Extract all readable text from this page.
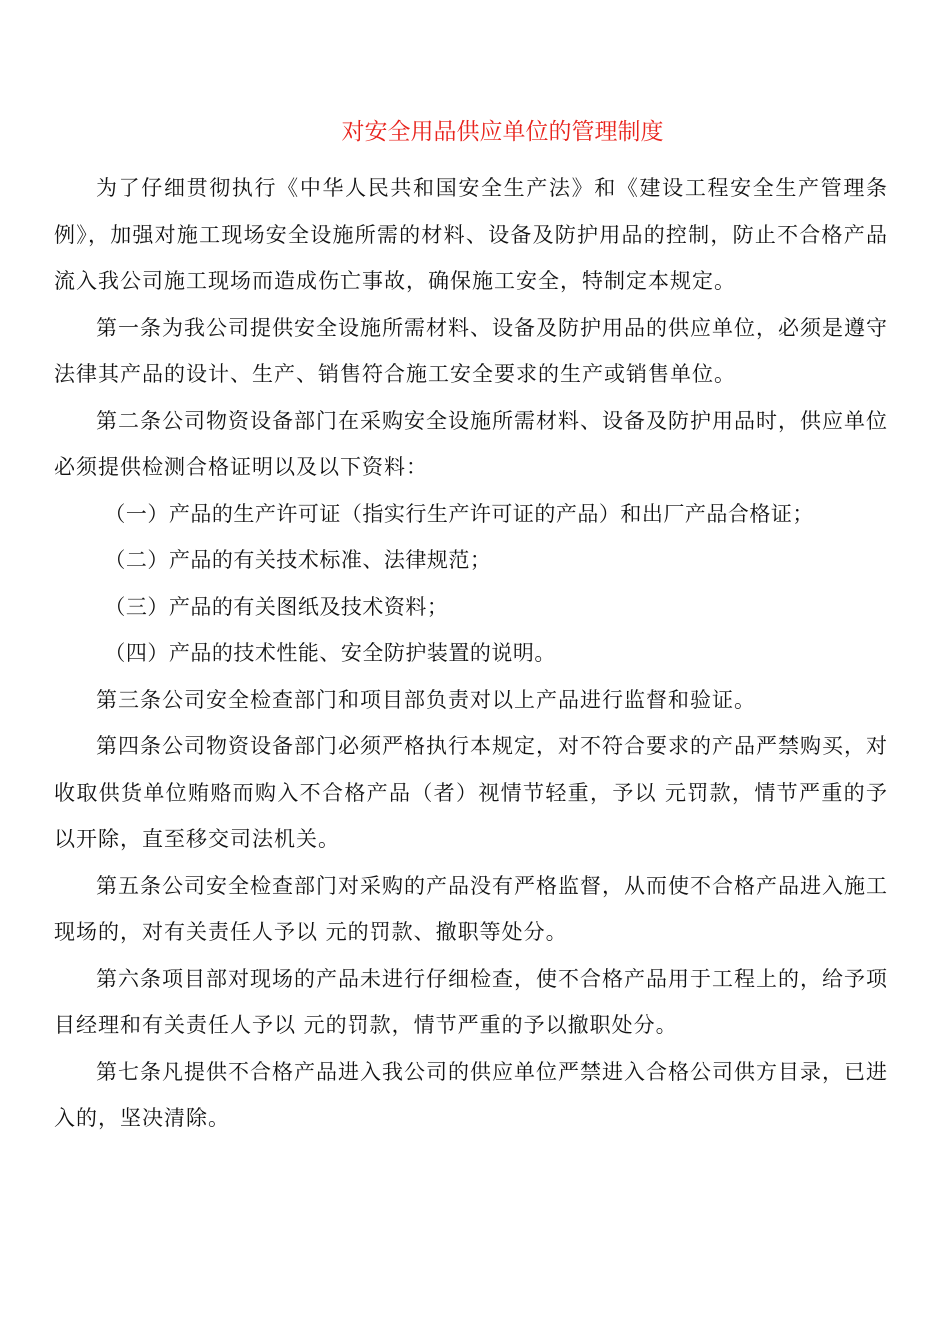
对安全用品供应单位的管理制度

为了仔细贯彻执行《中华人民共和国安全生产法》和《建设工程安全生产管理条例》，加强对施工现场安全设施所需的材料、设备及防护用品的控制，防止不合格产品流入我公司施工现场而造成伤亡事故，确保施工安全，特制定本规定。

第一条为我公司提供安全设施所需材料、设备及防护用品的供应单位，必须是遵守法律其产品的设计、生产、销售符合施工安全要求的生产或销售单位。

第二条公司物资设备部门在采购安全设施所需材料、设备及防护用品时，供应单位必须提供检测合格证明以及以下资料：

（一）产品的生产许可证（指实行生产许可证的产品）和出厂产品合格证；

（二）产品的有关技术标准、法律规范；

（三）产品的有关图纸及技术资料；

（四）产品的技术性能、安全防护装置的说明。

第三条公司安全检查部门和项目部负责对以上产品进行监督和验证。

第四条公司物资设备部门必须严格执行本规定，对不符合要求的产品严禁购买，对收取供货单位贿赂而购入不合格产品（者）视情节轻重，予以 元罚款，情节严重的予以开除，直至移交司法机关。

第五条公司安全检查部门对采购的产品没有严格监督，从而使不合格产品进入施工现场的，对有关责任人予以 元的罚款、撤职等处分。

第六条项目部对现场的产品未进行仔细检查，使不合格产品用于工程上的，给予项目经理和有关责任人予以 元的罚款，情节严重的予以撤职处分。

第七条凡提供不合格产品进入我公司的供应单位严禁进入合格公司供方目录，已进入的，坚决清除。
